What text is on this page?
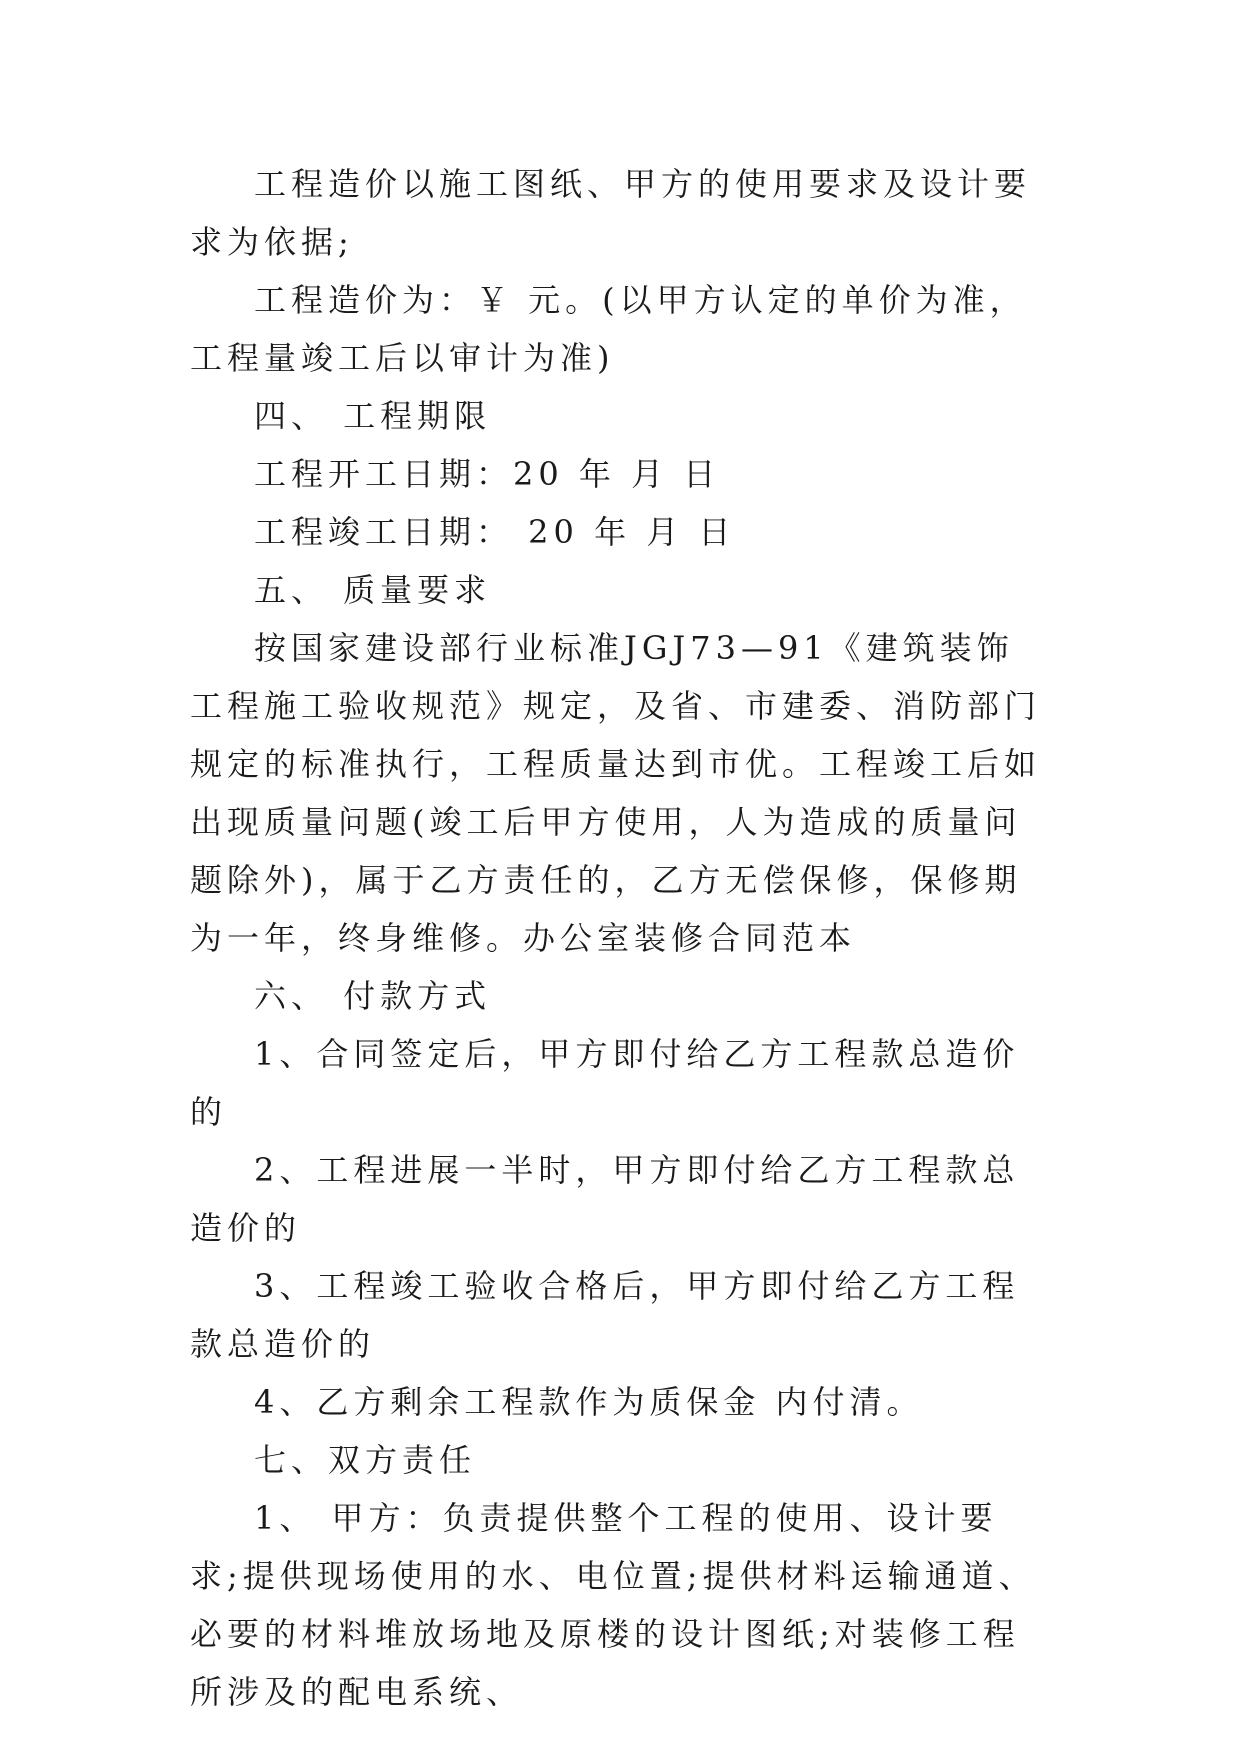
工程造价以施工图纸、甲方的使用要求及设计要求为依据;

工程造价为：￥ 元。(以甲方认定的单价为准，工程量竣工后以审计为准)

四、 工程期限

工程开工日期：20 年 月 日

工程竣工日期： 20 年 月 日

五、 质量要求

按国家建设部行业标准JGJ73—91《建筑装饰工程施工验收规范》规定，及省、市建委、消防部门规定的标准执行，工程质量达到市优。工程竣工后如出现质量问题(竣工后甲方使用，人为造成的质量问题除外)，属于乙方责任的，乙方无偿保修，保修期为一年，终身维修。办公室装修合同范本

六、 付款方式

1、合同签定后，甲方即付给乙方工程款总造价的

2、工程进展一半时，甲方即付给乙方工程款总造价的

3、工程竣工验收合格后，甲方即付给乙方工程款总造价的

4、乙方剩余工程款作为质保金 内付清。

七、双方责任

1、 甲方：负责提供整个工程的使用、设计要求;提供现场使用的水、电位置;提供材料运输通道、必要的材料堆放场地及原楼的设计图纸;对装修工程所涉及的配电系统、
